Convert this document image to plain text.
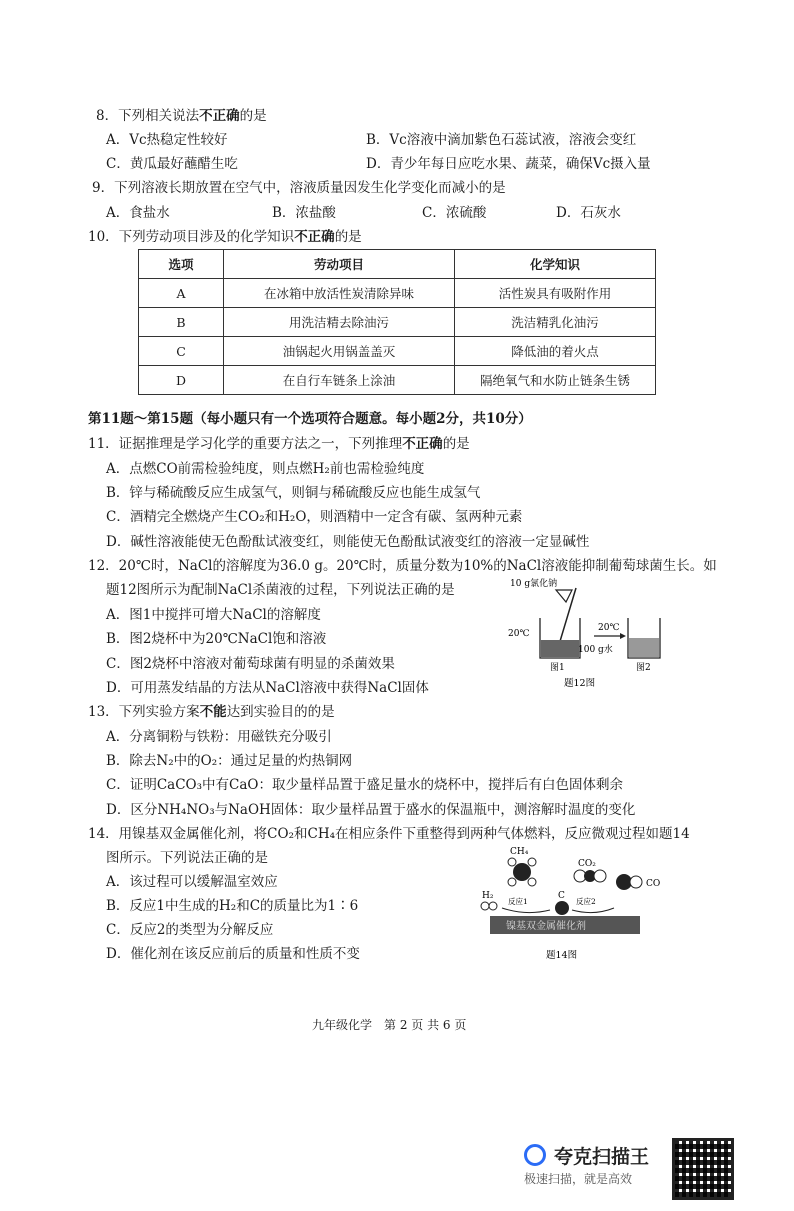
8．下列相关说法不正确的是
A．Vc热稳定性较好	B．Vc溶液中滴加紫色石蕊试液，溶液会变红
C．黄瓜最好蘸醋生吃	D．青少年每日应吃水果、蔬菜，确保Vc摄入量
9．下列溶液长期放置在空气中，溶液质量因发生化学变化而减小的是
A．食盐水	B．浓盐酸	C．浓硫酸	D．石灰水
10．下列劳动项目涉及的化学知识不正确的是
选项	劳动项目	化学知识
A	在冰箱中放活性炭清除异味	活性炭具有吸附作用
B	用洗洁精去除油污	洗洁精乳化油污
C	油锅起火用锅盖盖灭	降低油的着火点
D	在自行车链条上涂油	隔绝氧气和水防止链条生锈
第11题～第15题（每小题只有一个选项符合题意。每小题2分，共10分）
11．证据推理是学习化学的重要方法之一，下列推理不正确的是
A．点燃CO前需检验纯度，则点燃H₂前也需检验纯度
B．锌与稀硫酸反应生成氢气，则铜与稀硫酸反应也能生成氢气
C．酒精完全燃烧产生CO₂和H₂O，则酒精中一定含有碳、氢两种元素
D．碱性溶液能使无色酚酞试液变红，则能使无色酚酞试液变红的溶液一定显碱性
12．20℃时，NaCl的溶解度为36.0 g。20℃时，质量分数为10%的NaCl溶液能抑制葡萄球菌生长。如
题12图所示为配制NaCl杀菌液的过程，下列说法正确的是
A．图1中搅拌可增大NaCl的溶解度
B．图2烧杯中为20℃NaCl饱和溶液
C．图2烧杯中溶液对葡萄球菌有明显的杀菌效果
D．可用蒸发结晶的方法从NaCl溶液中获得NaCl固体
10 g氯化钠
20℃
100 g水
20℃
图1	图2
题12图
13．下列实验方案不能达到实验目的的是
A．分离铜粉与铁粉：用磁铁充分吸引
B．除去N₂中的O₂：通过足量的灼热铜网
C．证明CaCO₃中有CaO：取少量样品置于盛足量水的烧杯中，搅拌后有白色固体剩余
D．区分NH₄NO₃与NaOH固体：取少量样品置于盛水的保温瓶中，测溶解时温度的变化
14．用镍基双金属催化剂，将CO₂和CH₄在相应条件下重整得到两种气体燃料，反应微观过程如题14
图所示。下列说法正确的是
A．该过程可以缓解温室效应
B．反应1中生成的H₂和C的质量比为1∶6
C．反应2的类型为分解反应
D．催化剂在该反应前后的质量和性质不变
CH₄
CO₂
H₂
反应1
C
反应2
CO
镍基双金属催化剂
题14图
九年级化学　第 2 页 共 6 页
夸克扫描王
极速扫描，就是高效
